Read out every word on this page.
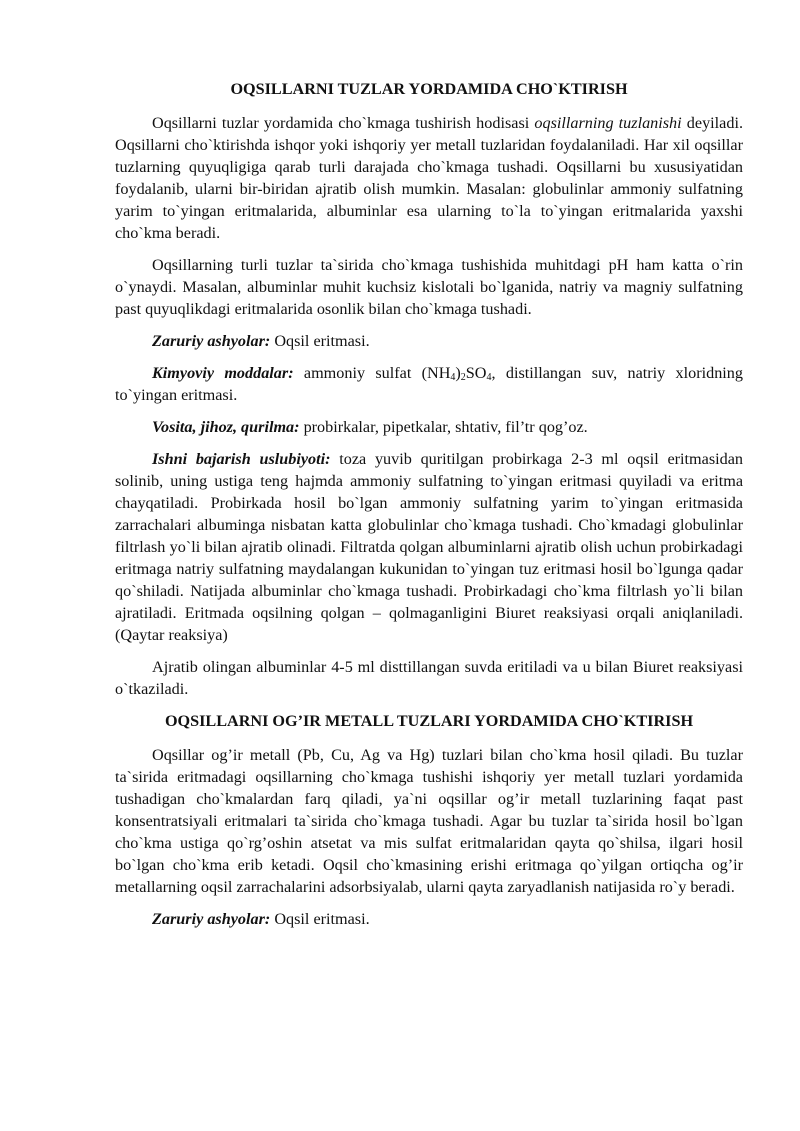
OQSILLARNI TUZLAR YORDAMIDA CHO`KTIRISH

Oqsillarni tuzlar yordamida cho`kmaga tushirish hodisasi oqsillarning tuzlanishi deyiladi. Oqsillarni cho`ktirishda ishqor yoki ishqoriy yer metall tuzlaridan foydalaniladi. Har xil oqsillar tuzlarning quyuqligiga qarab turli darajada cho`kmaga tushadi. Oqsillarni bu xususiyatidan foydalanib, ularni bir-biridan ajratib olish mumkin. Masalan: globulinlar ammoniy sulfatning yarim to`yingan eritmalarida, albuminlar esa ularning to`la to`yingan eritmalarida yaxshi cho`kma beradi.

Oqsillarning turli tuzlar ta`sirida cho`kmaga tushishida muhitdagi pH ham katta o`rin o`ynaydi. Masalan, albuminlar muhit kuchsiz kislotali bo`lganida, natriy va magniy sulfatning past quyuqlikdagi eritmalarida osonlik bilan cho`kmaga tushadi.

Zaruriy ashyolar: Oqsil eritmasi.

Kimyoviy moddalar: ammoniy sulfat $(NH_4)_2SO_4$, distillangan suv, natriy xloridning to`yingan eritmasi.

Vosita, jihoz, qurilma: probirkalar, pipetkalar, shtativ, fil’tr qog’oz.

Ishni bajarish uslubiyoti: toza yuvib quritilgan probirkaga 2-3 ml oqsil eritmasidan solinib, uning ustiga teng hajmda ammoniy sulfatning to`yingan eritmasi quyiladi va eritma chayqatiladi. Probirkada hosil bo`lgan ammoniy sulfatning yarim to`yingan eritmasida zarrachalari albuminga nisbatan katta globulinlar cho`kmaga tushadi. Cho`kmadagi globulinlar filtrlash yo`li bilan ajratib olinadi. Filtratda qolgan albuminlarni ajratib olish uchun probirkadagi eritmaga natriy sulfatning maydalangan kukunidan to`yingan tuz eritmasi hosil bo`lgunga qadar qo`shiladi. Natijada albuminlar cho`kmaga tushadi. Probirkadagi cho`kma filtrlash yo`li bilan ajratiladi. Eritmada oqsilning qolgan – qolmaganligini Biuret reaksiyasi orqali aniqlaniladi. (Qaytar reaksiya)

Ajratib olingan albuminlar 4-5 ml disttillangan suvda eritiladi va u bilan Biuret reaksiyasi o`tkaziladi.

OQSILLARNI OG’IR METALL TUZLARI YORDAMIDA CHO`KTIRISH

Oqsillar og’ir metall (Pb, Cu, Ag va Hg) tuzlari bilan cho`kma hosil qiladi. Bu tuzlar ta`sirida eritmadagi oqsillarning cho`kmaga tushishi ishqoriy yer metall tuzlari yordamida tushadigan cho`kmalardan farq qiladi, ya`ni oqsillar og’ir metall tuzlarining faqat past konsentratsiyali eritmalari ta`sirida cho`kmaga tushadi. Agar bu tuzlar ta`sirida hosil bo`lgan cho`kma ustiga qo`rg’oshin atsetat va mis sulfat eritmalaridan qayta qo`shilsa, ilgari hosil bo`lgan cho`kma erib ketadi. Oqsil cho`kmasining erishi eritmaga qo`yilgan ortiqcha og’ir metallarning oqsil zarrachalarini adsorbsiyalab, ularni qayta zaryadlanish natijasida ro`y beradi.

Zaruriy ashyolar: Oqsil eritmasi.
